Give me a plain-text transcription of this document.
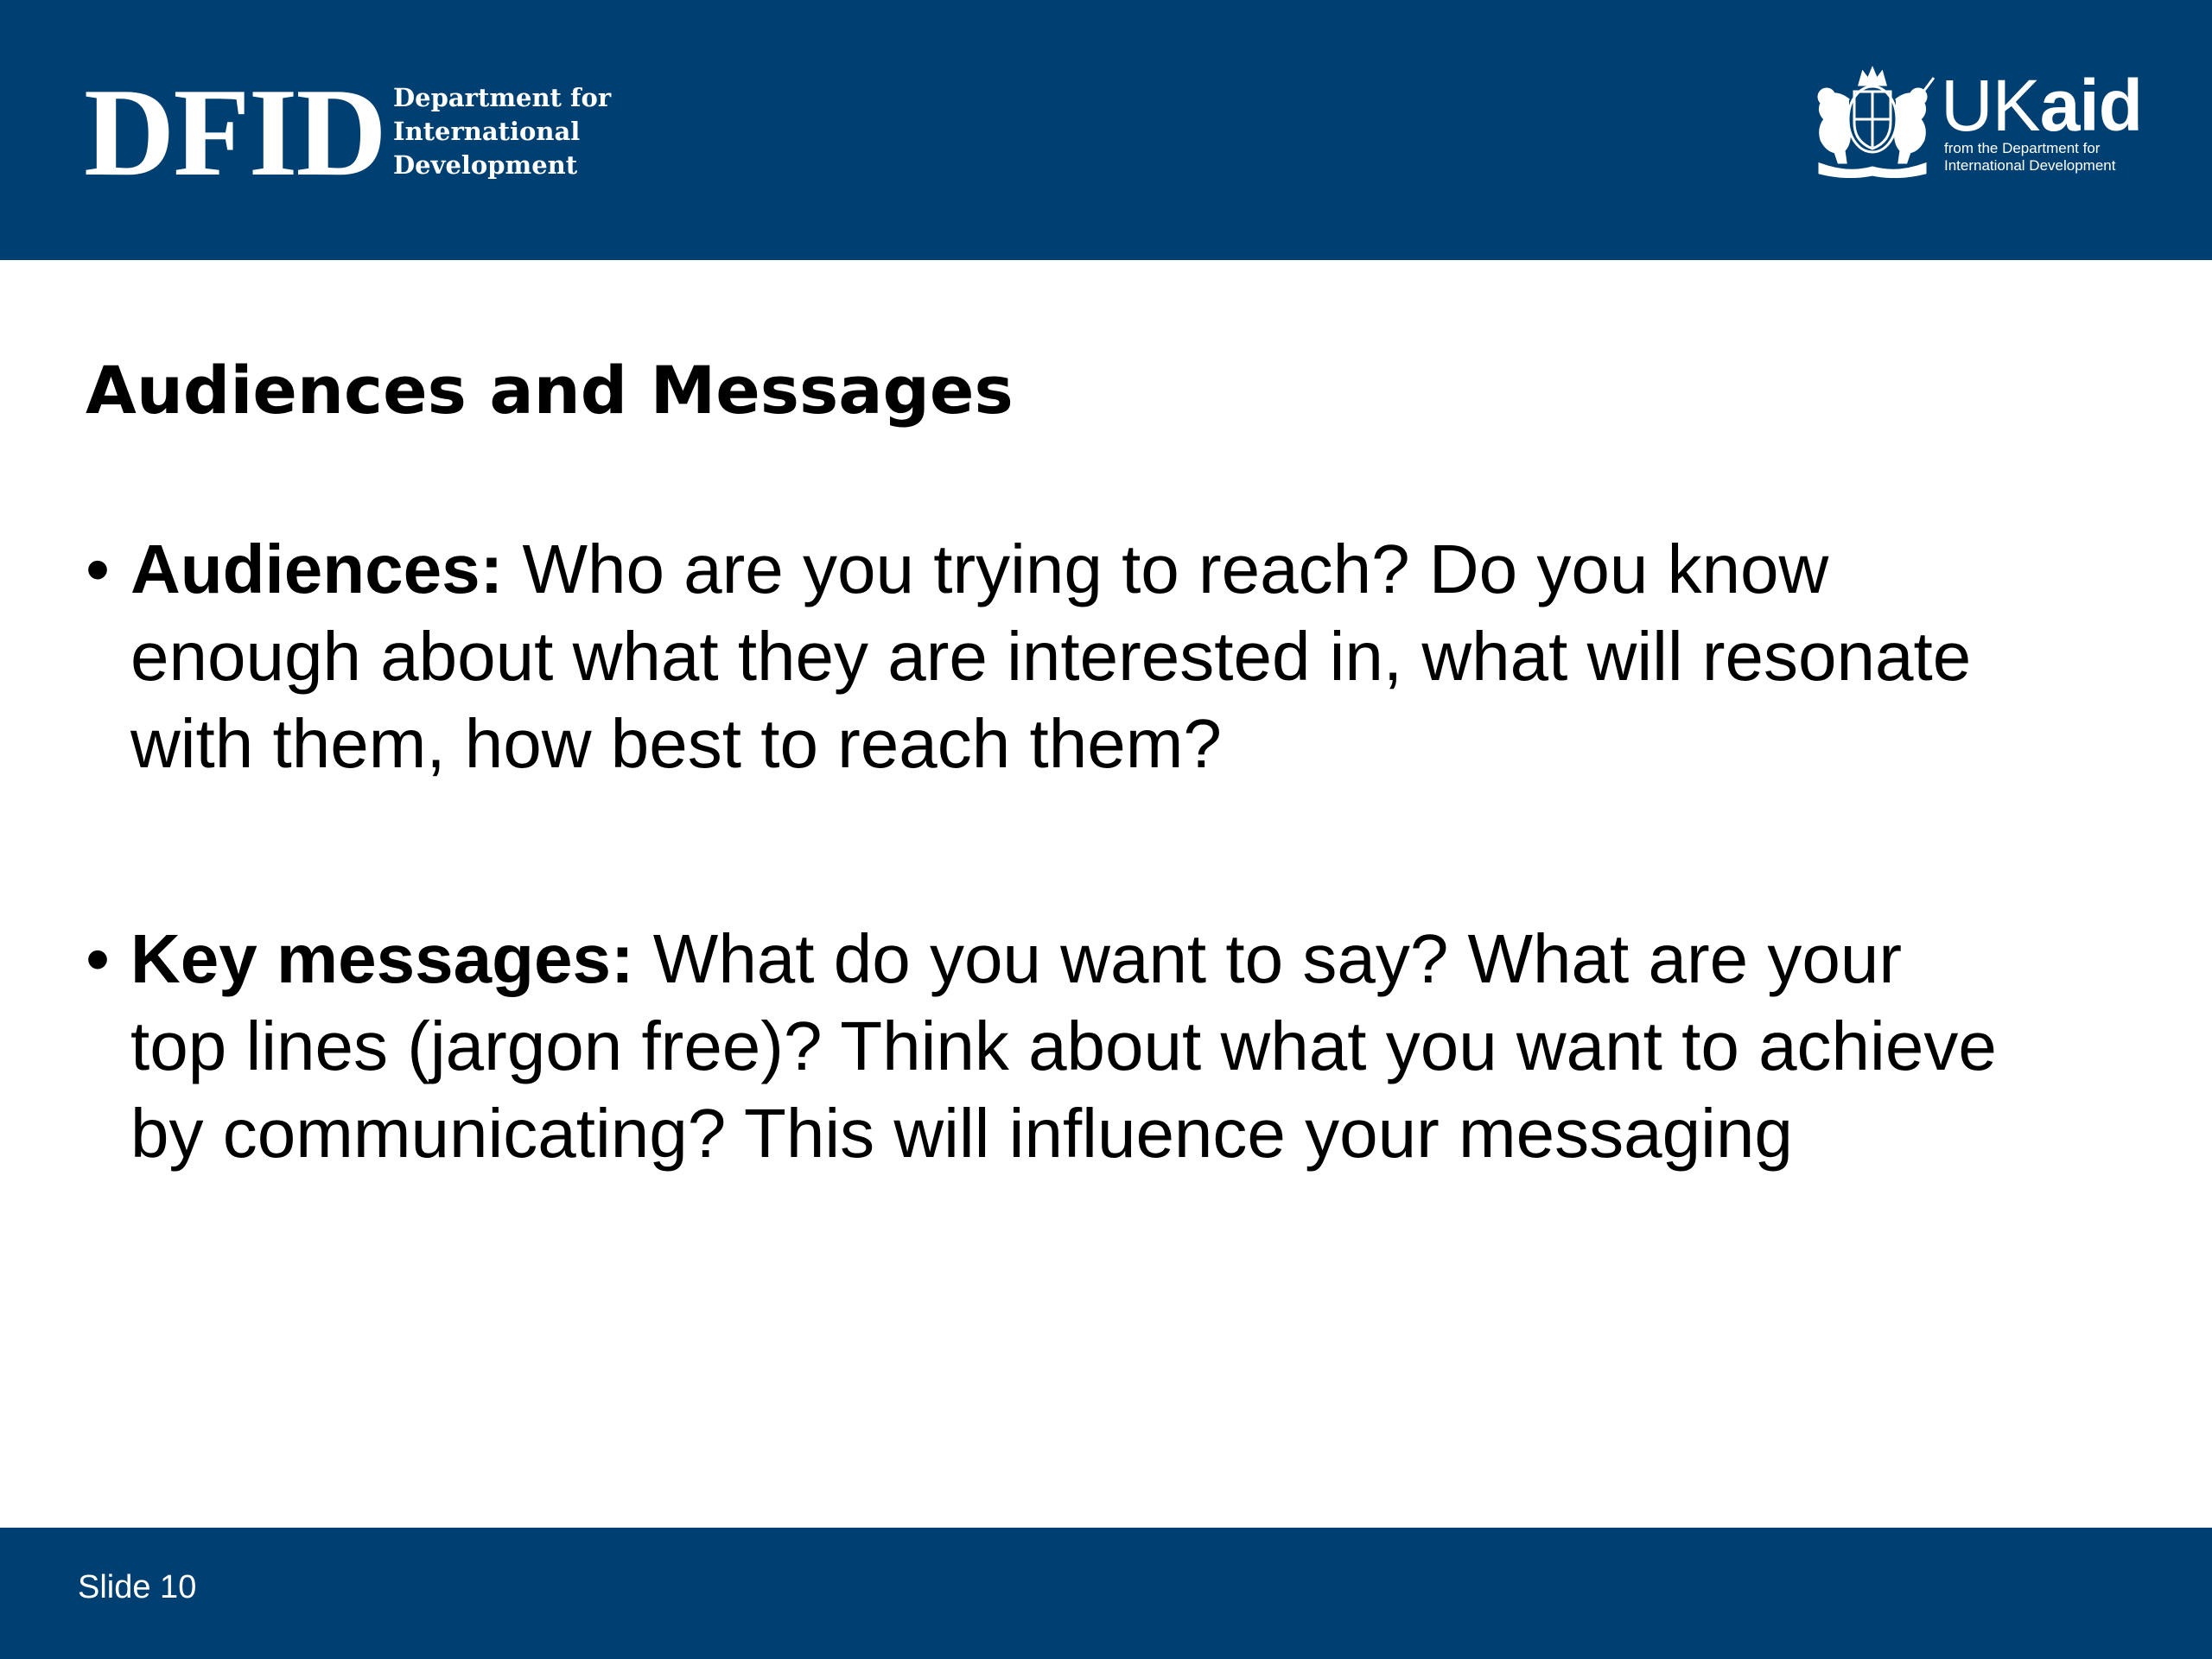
DFID Department for
International
Development
UKaid
from the Department for
International Development
Audiences and Messages
• Audiences: Who are you trying to reach? Do you know
enough about what they are interested in, what will resonate
with them, how best to reach them?
• Key messages: What do you want to say? What are your
top lines (jargon free)? Think about what you want to achieve
by communicating? This will influence your messaging
Slide 10
